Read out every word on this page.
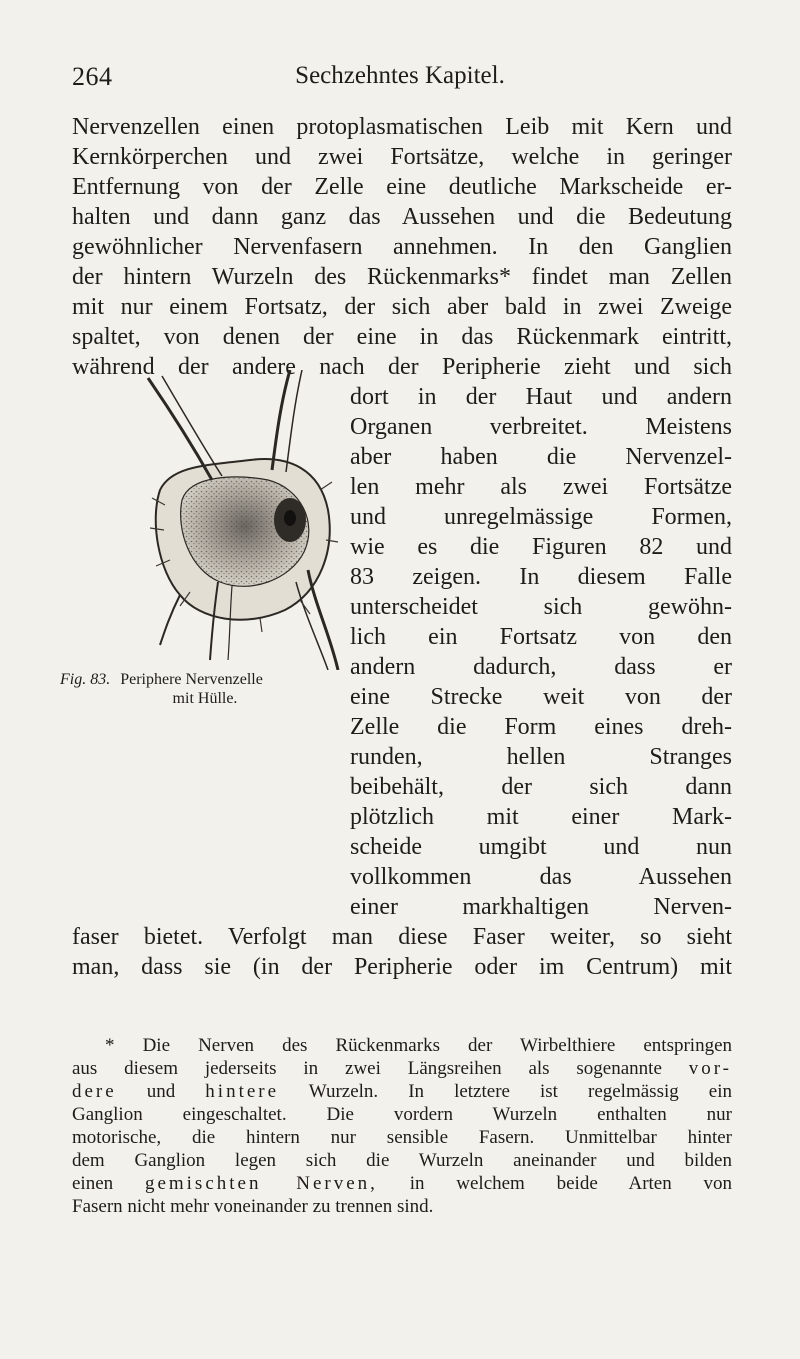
264	Sechzehntes Kapitel.
Nervenzellen einen protoplasmatischen Leib mit Kern und
Kernkörperchen und zwei Fortsätze, welche in geringer
Entfernung von der Zelle eine deutliche Markscheide er-
halten und dann ganz das Aussehen und die Bedeutung
gewöhnlicher Nervenfasern annehmen. In den Ganglien
der hintern Wurzeln des Rückenmarks* findet man Zellen
mit nur einem Fortsatz, der sich aber bald in zwei Zweige
spaltet, von denen der eine in das Rückenmark eintritt,
während der andere nach der Peripherie zieht und sich
dort in der Haut und andern
Organen verbreitet. Meistens
aber haben die Nervenzel-
len mehr als zwei Fortsätze
und unregelmässige Formen,
wie es die Figuren 82 und
83 zeigen. In diesem Falle
unterscheidet sich gewöhn-
lich ein Fortsatz von den
andern dadurch, dass er
eine Strecke weit von der
Zelle die Form eines dreh-
runden, hellen Stranges
beibehält, der sich dann
plötzlich mit einer Mark-
scheide umgibt und nun
vollkommen das Aussehen
einer markhaltigen Nerven-
faser bietet. Verfolgt man diese Faser weiter, so sieht
man, dass sie (in der Peripherie oder im Centrum) mit
Fig. 83. Periphere Nervenzelle
mit Hülle.
* Die Nerven des Rückenmarks der Wirbelthiere entspringen
aus diesem jederseits in zwei Längsreihen als sogenannte vor-
dere und hintere Wurzeln. In letztere ist regelmässig ein
Ganglion eingeschaltet. Die vordern Wurzeln enthalten nur
motorische, die hintern nur sensible Fasern. Unmittelbar hinter
dem Ganglion legen sich die Wurzeln aneinander und bilden
einen gemischten Nerven, in welchem beide Arten von
Fasern nicht mehr voneinander zu trennen sind.
